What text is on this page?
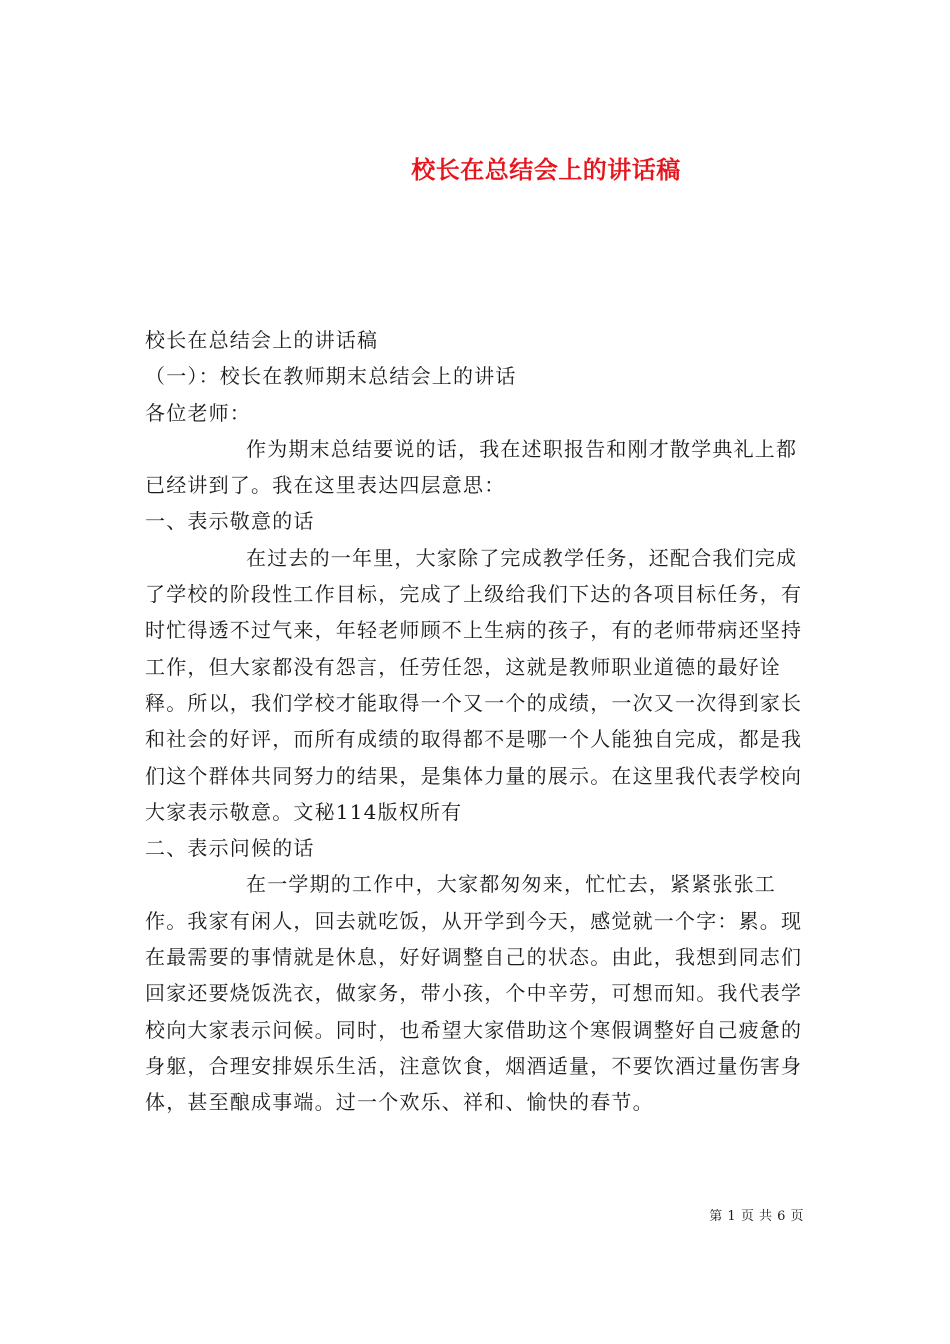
校长在总结会上的讲话稿

校长在总结会上的讲话稿

（一）：校长在教师期末总结会上的讲话

各位老师：

作为期末总结要说的话，我在述职报告和刚才散学典礼上都已经讲到了。我在这里表达四层意思：

一、表示敬意的话

在过去的一年里，大家除了完成教学任务，还配合我们完成了学校的阶段性工作目标，完成了上级给我们下达的各项目标任务，有时忙得透不过气来，年轻老师顾不上生病的孩子，有的老师带病还坚持工作，但大家都没有怨言，任劳任怨，这就是教师职业道德的最好诠释。所以，我们学校才能取得一个又一个的成绩，一次又一次得到家长和社会的好评，而所有成绩的取得都不是哪一个人能独自完成，都是我们这个群体共同努力的结果，是集体力量的展示。在这里我代表学校向大家表示敬意。文秘114版权所有

二、表示问候的话

在一学期的工作中，大家都匆匆来，忙忙去，紧紧张张工作。我家有闲人，回去就吃饭，从开学到今天，感觉就一个字：累。现在最需要的事情就是休息，好好调整自己的状态。由此，我想到同志们回家还要烧饭洗衣，做家务，带小孩，个中辛劳，可想而知。我代表学校向大家表示问候。同时，也希望大家借助这个寒假调整好自己疲惫的身躯，合理安排娱乐生活，注意饮食，烟酒适量，不要饮酒过量伤害身体，甚至酿成事端。过一个欢乐、祥和、愉快的春节。

第 1 页 共 6 页
